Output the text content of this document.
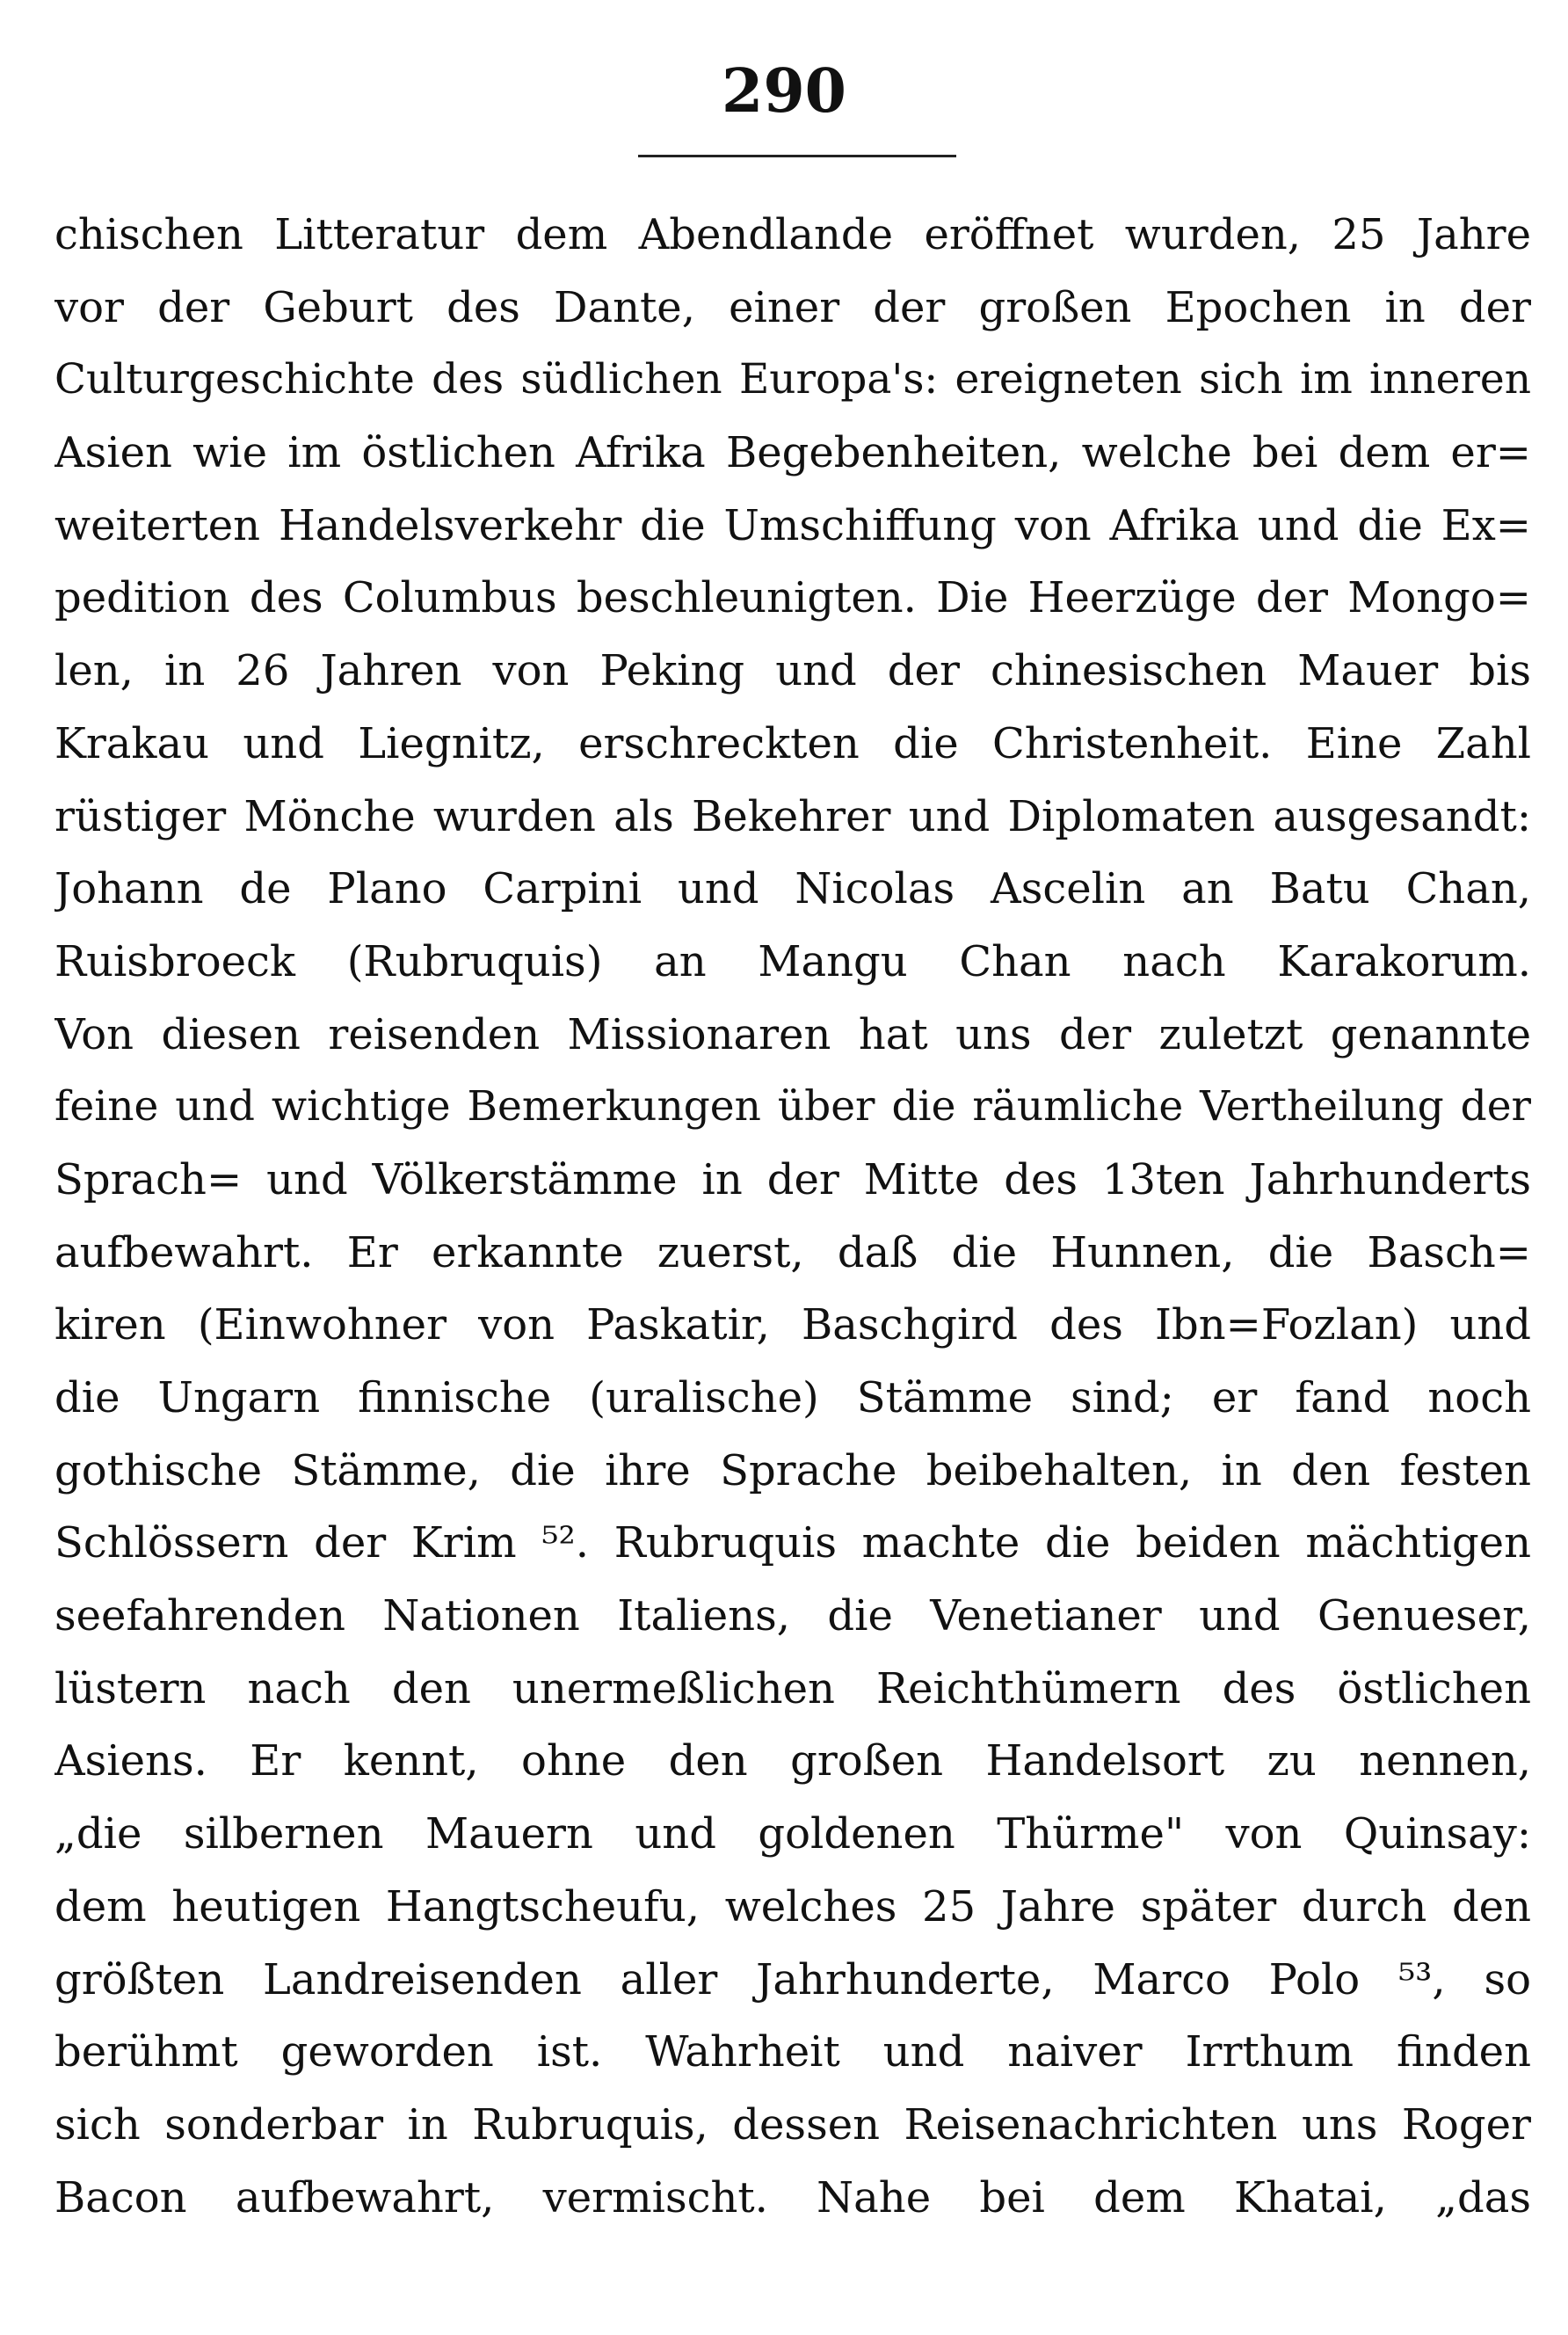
290
chischen Litteratur dem Abendlande eröffnet wurden, 25 Jahre
vor der Geburt des Dante, einer der großen Epochen in der
Culturgeschichte des südlichen Europa's: ereigneten sich im inneren
Asien wie im östlichen Afrika Begebenheiten, welche bei dem er=
weiterten Handelsverkehr die Umschiffung von Afrika und die Ex=
pedition des Columbus beschleunigten. Die Heerzüge der Mongo=
len, in 26 Jahren von Peking und der chinesischen Mauer bis
Krakau und Liegnitz, erschreckten die Christenheit. Eine Zahl
rüstiger Mönche wurden als Bekehrer und Diplomaten ausgesandt:
Johann de Plano Carpini und Nicolas Ascelin an Batu Chan,
Ruisbroeck (Rubruquis) an Mangu Chan nach Karakorum.
Von diesen reisenden Missionaren hat uns der zuletzt genannte
feine und wichtige Bemerkungen über die räumliche Vertheilung der
Sprach= und Völkerstämme in der Mitte des 13ten Jahrhunderts
aufbewahrt. Er erkannte zuerst, daß die Hunnen, die Basch=
kiren (Einwohner von Paskatir, Baschgird des Ibn=Fozlan) und
die Ungarn finnische (uralische) Stämme sind; er fand noch
gothische Stämme, die ihre Sprache beibehalten, in den festen
Schlössern der Krim ⁵². Rubruquis machte die beiden mächtigen
seefahrenden Nationen Italiens, die Venetianer und Genueser,
lüstern nach den unermeßlichen Reichthümern des östlichen
Asiens. Er kennt, ohne den großen Handelsort zu nennen,
„die silbernen Mauern und goldenen Thürme" von Quinsay:
dem heutigen Hangtscheufu, welches 25 Jahre später durch den
größten Landreisenden aller Jahrhunderte, Marco Polo ⁵³, so
berühmt geworden ist. Wahrheit und naiver Irrthum finden
sich sonderbar in Rubruquis, dessen Reisenachrichten uns Roger
Bacon aufbewahrt, vermischt. Nahe bei dem Khatai, „das
